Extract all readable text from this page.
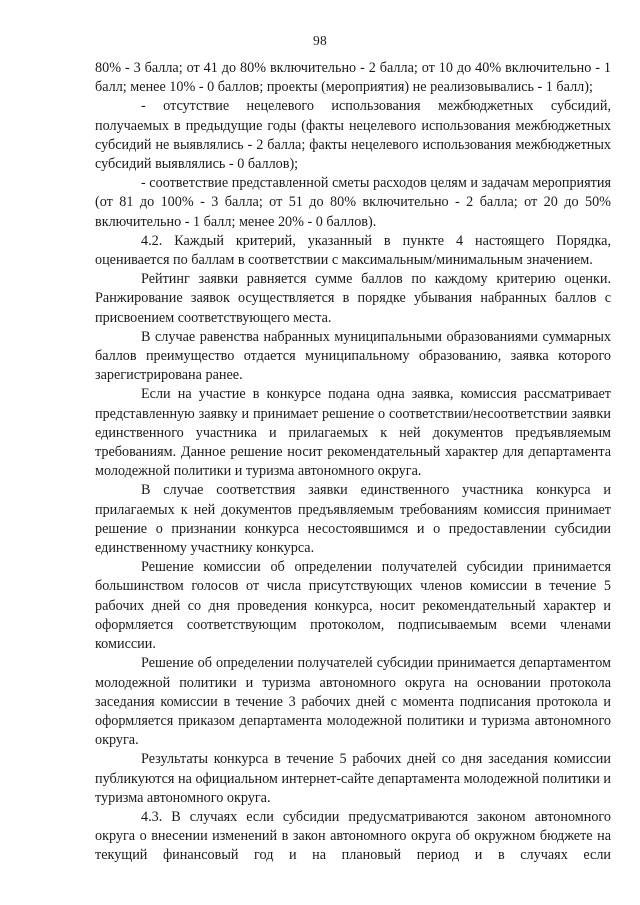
98

80% - 3 балла; от 41 до 80% включительно - 2 балла; от 10 до 40% включительно - 1 балл; менее 10% - 0 баллов; проекты (мероприятия) не реализовывались - 1 балл);

- отсутствие нецелевого использования межбюджетных субсидий, получаемых в предыдущие годы (факты нецелевого использования межбюджетных субсидий не выявлялись - 2 балла; факты нецелевого использования межбюджетных субсидий выявлялись - 0 баллов);

- соответствие представленной сметы расходов целям и задачам мероприятия (от 81 до 100% - 3 балла; от 51 до 80% включительно - 2 балла; от 20 до 50% включительно - 1 балл; менее 20% - 0 баллов).

4.2. Каждый критерий, указанный в пункте 4 настоящего Порядка, оценивается по баллам в соответствии с максимальным/минимальным значением.

Рейтинг заявки равняется сумме баллов по каждому критерию оценки. Ранжирование заявок осуществляется в порядке убывания набранных баллов с присвоением соответствующего места.

В случае равенства набранных муниципальными образованиями суммарных баллов преимущество отдается муниципальному образованию, заявка которого зарегистрирована ранее.

Если на участие в конкурсе подана одна заявка, комиссия рассматривает представленную заявку и принимает решение о соответствии/несоответствии заявки единственного участника и прилагаемых к ней документов предъявляемым требованиям. Данное решение носит рекомендательный характер для департамента молодежной политики и туризма автономного округа.

В случае соответствия заявки единственного участника конкурса и прилагаемых к ней документов предъявляемым требованиям комиссия принимает решение о признании конкурса несостоявшимся и о предоставлении субсидии единственному участнику конкурса.

Решение комиссии об определении получателей субсидии принимается большинством голосов от числа присутствующих членов комиссии в течение 5 рабочих дней со дня проведения конкурса, носит рекомендательный характер и оформляется соответствующим протоколом, подписываемым всеми членами комиссии.

Решение об определении получателей субсидии принимается департаментом молодежной политики и туризма автономного округа на основании протокола заседания комиссии в течение 3 рабочих дней с момента подписания протокола и оформляется приказом департамента молодежной политики и туризма автономного округа.

Результаты конкурса в течение 5 рабочих дней со дня заседания комиссии публикуются на официальном интернет-сайте департамента молодежной политики и туризма автономного округа.

4.3. В случаях если субсидии предусматриваются законом автономного округа о внесении изменений в закон автономного округа об окружном бюджете на текущий финансовый год и на плановый период и в случаях если
